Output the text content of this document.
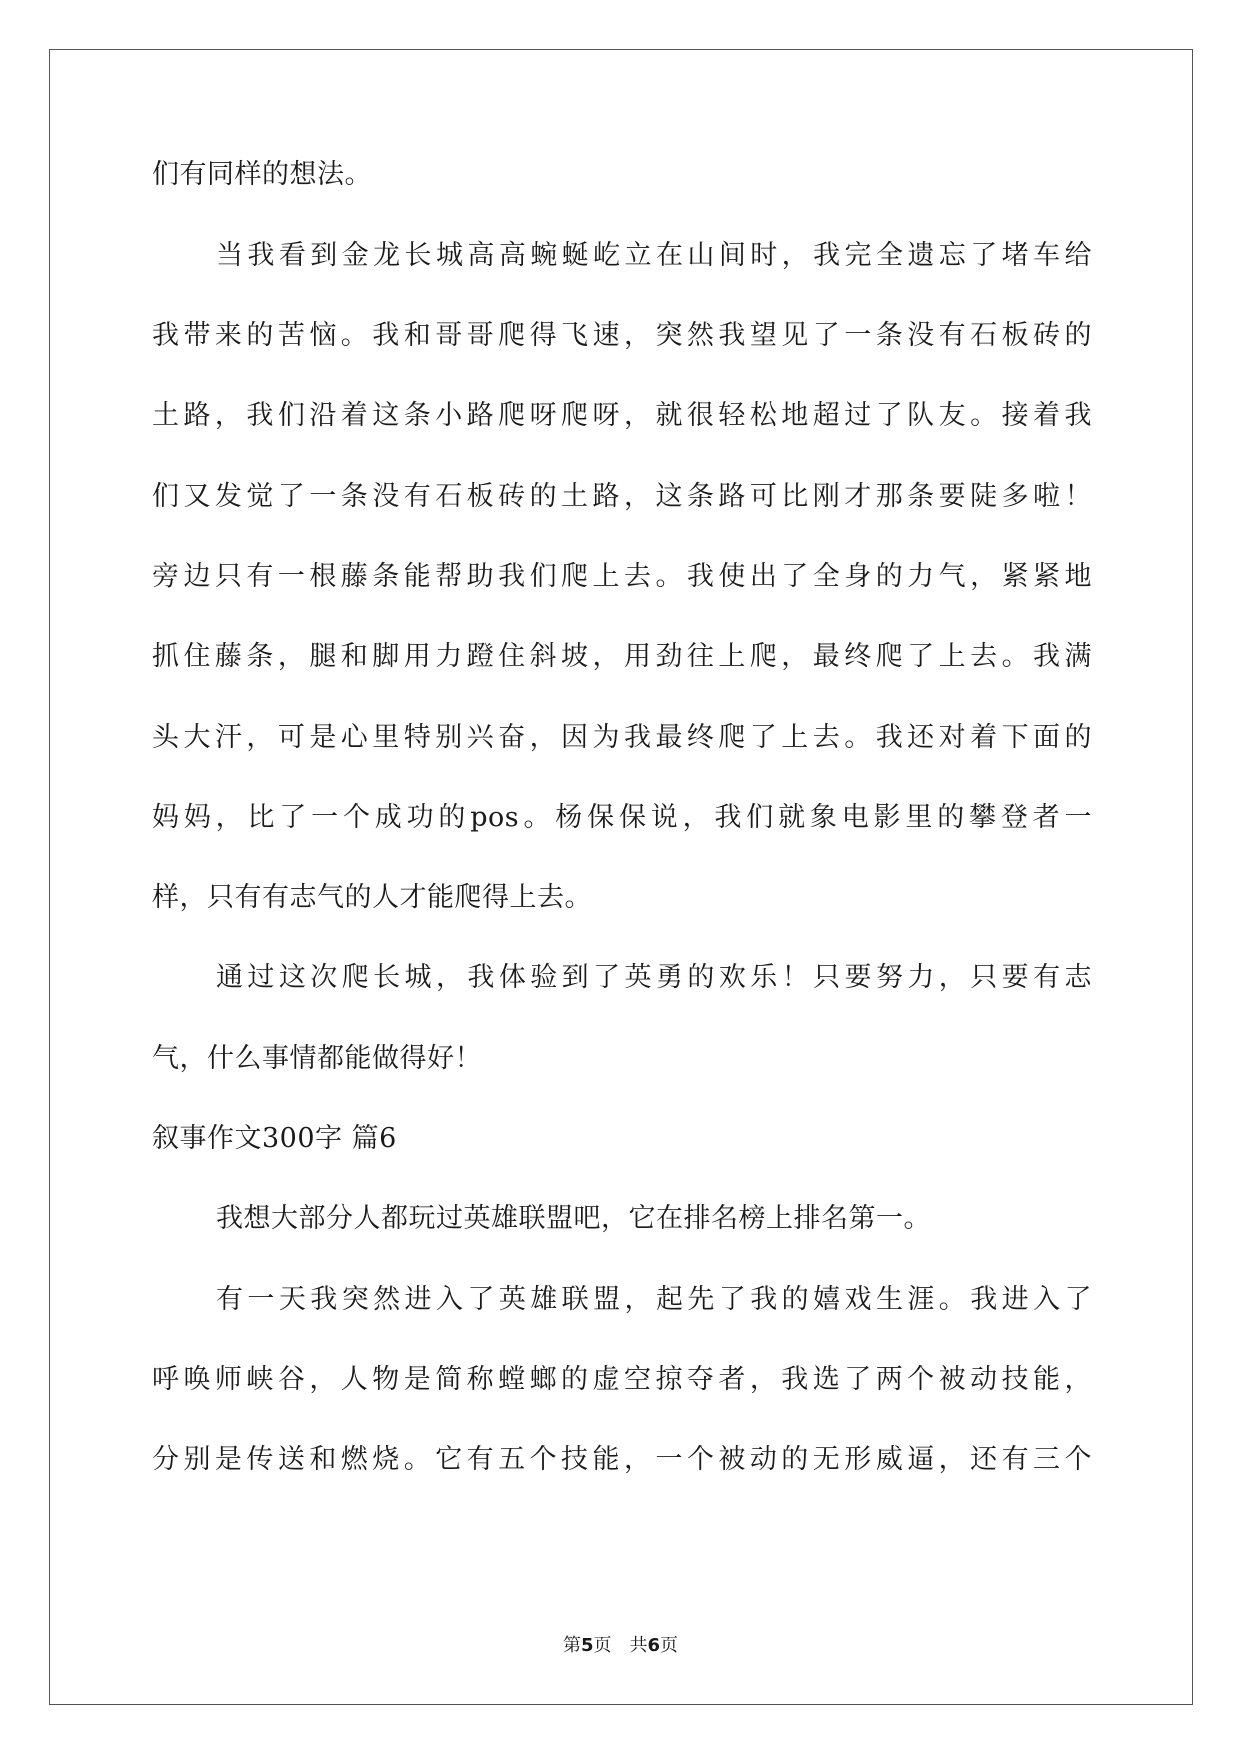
们有同样的想法。
当我看到金龙长城高高蜿蜒屹立在山间时，我完全遗忘了堵车给
我带来的苦恼。我和哥哥爬得飞速，突然我望见了一条没有石板砖的
土路，我们沿着这条小路爬呀爬呀，就很轻松地超过了队友。接着我
们又发觉了一条没有石板砖的土路，这条路可比刚才那条要陡多啦！
旁边只有一根藤条能帮助我们爬上去。我使出了全身的力气，紧紧地
抓住藤条，腿和脚用力蹬住斜坡，用劲往上爬，最终爬了上去。我满
头大汗，可是心里特别兴奋，因为我最终爬了上去。我还对着下面的
妈妈，比了一个成功的pos。杨保保说，我们就象电影里的攀登者一
样，只有有志气的人才能爬得上去。
通过这次爬长城，我体验到了英勇的欢乐！只要努力，只要有志
气，什么事情都能做得好！
叙事作文300字 篇6
我想大部分人都玩过英雄联盟吧，它在排名榜上排名第一。
有一天我突然进入了英雄联盟，起先了我的嬉戏生涯。我进入了
呼唤师峡谷，人物是简称螳螂的虚空掠夺者，我选了两个被动技能，
分别是传送和燃烧。它有五个技能，一个被动的无形威逼，还有三个
第5页　共6页
